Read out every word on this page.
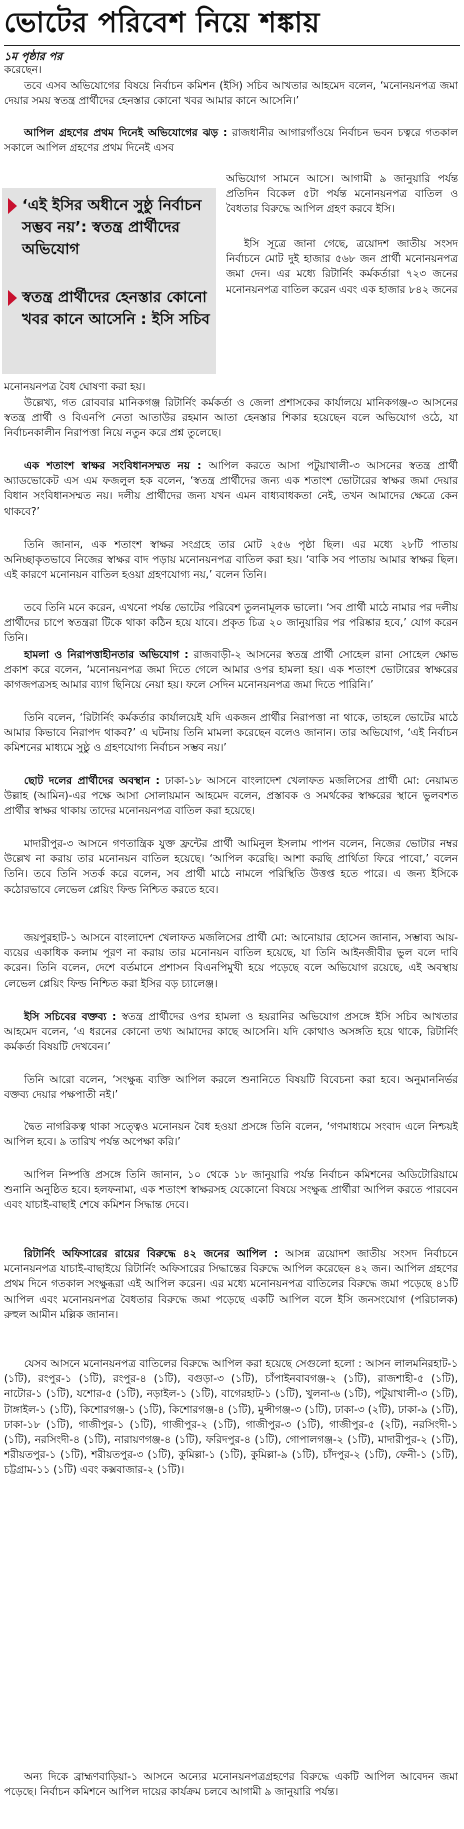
ভোটের পরিবেশ নিয়ে শঙ্কায়
১ম পৃষ্ঠার পর

করেছেন।

তবে এসব অভিযোগের বিষয়ে নির্বাচন কমিশন (ইসি) সচিব আখতার আহমেদ বলেন, ‘মনোনয়নপত্র জমা দেয়ার সময় স্বতন্ত্র প্রার্থীদের হেনস্তার কোনো খবর আমার কানে আসেনি।’

আপিল গ্রহণের প্রথম দিনেই অভিযোগের ঝড় : রাজধানীর আগারগাঁওয়ে নির্বাচন ভবন চত্বরে গতকাল সকালে আপিল গ্রহণের প্রথম দিনেই এসব

‘এই ইসির অধীনে সুষ্ঠু নির্বাচন সম্ভব নয়’: স্বতন্ত্র প্রার্থীদের অভিযোগ
স্বতন্ত্র প্রার্থীদের হেনস্তার কোনো খবর কানে আসেনি : ইসি সচিব

অভিযোগ সামনে আসে। আগামী ৯ জানুয়ারি পর্যন্ত প্রতিদিন বিকেল ৫টা পর্যন্ত মনোনয়নপত্র বাতিল ও বৈধতার বিরুদ্ধে আপিল গ্রহণ করবে ইসি।

ইসি সূত্রে জানা গেছে, ত্রয়োদশ জাতীয় সংসদ নির্বাচনে মোট দুই হাজার ৫৬৮ জন প্রার্থী মনোনয়নপত্র জমা দেন। এর মধ্যে রিটার্নিং কর্মকর্তারা ৭২৩ জনের মনোনয়নপত্র বাতিল করেন এবং এক হাজার ৮৪২ জনের

মনোনয়নপত্র বৈধ ঘোষণা করা হয়।

উল্লেখ্য, গত রোববার মানিকগঞ্জ রিটার্নিং কর্মকর্তা ও জেলা প্রশাসকের কার্যালয়ে মানিকগঞ্জ-৩ আসনের স্বতন্ত্র প্রার্থী ও বিএনপি নেতা আতাউর রহমান আতা হেনস্তার শিকার হয়েছেন বলে অভিযোগ ওঠে, যা নির্বাচনকালীন নিরাপত্তা নিয়ে নতুন করে প্রশ্ন তুলেছে।

এক শতাংশ স্বাক্ষর সংবিধানসম্মত নয় : আপিল করতে আসা পটুয়াখালী-৩ আসনের স্বতন্ত্র প্রার্থী অ্যাডভোকেট এস এম ফজলুল হক বলেন, ‘স্বতন্ত্র প্রার্থীদের জন্য এক শতাংশ ভোটারের স্বাক্ষর জমা দেয়ার বিধান সংবিধানসম্মত নয়। দলীয় প্রার্থীদের জন্য যখন এমন বাধ্যবাধকতা নেই, তখন আমাদের ক্ষেত্রে কেন থাকবে?’

তিনি জানান, এক শতাংশ স্বাক্ষর সংগ্রহে তার মোট ২৫৬ পৃষ্ঠা ছিল। এর মধ্যে ২৮টি পাতায় অনিচ্ছাকৃতভাবে নিজের স্বাক্ষর বাদ পড়ায় মনোনয়নপত্র বাতিল করা হয়। ‘বাকি সব পাতায় আমার স্বাক্ষর ছিল। এই কারণে মনোনয়ন বাতিল হওয়া গ্রহণযোগ্য নয়,’ বলেন তিনি।

তবে তিনি মনে করেন, এখনো পর্যন্ত ভোটের পরিবেশ তুলনামূলক ভালো। ‘সব প্রার্থী মাঠে নামার পর দলীয় প্রার্থীদের চাপে স্বতন্ত্ররা টিকে থাকা কঠিন হয়ে যাবে। প্রকৃত চিত্র ২০ জানুয়ারির পর পরিষ্কার হবে,’ যোগ করেন তিনি।

হামলা ও নিরাপত্তাহীনতার অভিযোগ : রাজবাড়ী-২ আসনের স্বতন্ত্র প্রার্থী সোহেল রানা সোহেল ক্ষোভ প্রকাশ করে বলেন, ‘মনোনয়নপত্র জমা দিতে গেলে আমার ওপর হামলা হয়। এক শতাংশ ভোটারের স্বাক্ষরের কাগজপত্রসহ আমার ব্যাগ ছিনিয়ে নেয়া হয়। ফলে সেদিন মনোনয়নপত্র জমা দিতে পারিনি।’

তিনি বলেন, ‘রিটার্নিং কর্মকর্তার কার্যালয়েই যদি একজন প্রার্থীর নিরাপত্তা না থাকে, তাহলে ভোটের মাঠে আমার কিভাবে নিরাপদ থাকব?’ এ ঘটনায় তিনি মামলা করেছেন বলেও জানান। তার অভিযোগ, ‘এই নির্বাচন কমিশনের মাধ্যমে সুষ্ঠু ও গ্রহণযোগ্য নির্বাচন সম্ভব নয়।’

ছোট দলের প্রার্থীদের অবস্থান : ঢাকা-১৮ আসনে বাংলাদেশ খেলাফত মজলিসের প্রার্থী মো: নেয়ামত উল্লাহ (আমিন)-এর পক্ষে আসা সোলায়মান আহমেদ বলেন, প্রস্তাবক ও সমর্থকের স্বাক্ষরের স্থানে ভুলবশত প্রার্থীর স্বাক্ষর থাকায় তাদের মনোনয়নপত্র বাতিল করা হয়েছে।

মাদারীপুর-৩ আসনে গণতান্ত্রিক যুক্ত ফ্রন্টের প্রার্থী আমিনুল ইসলাম পাপন বলেন, নিজের ভোটার নম্বর উল্লেখ না করায় তার মনোনয়ন বাতিল হয়েছে। ‘আপিল করেছি। আশা করছি প্রার্থিতা ফিরে পাবো,’ বলেন তিনি। তবে তিনি সতর্ক করে বলেন, সব প্রার্থী মাঠে নামলে পরিস্থিতি উত্তপ্ত হতে পারে। এ জন্য ইসিকে কঠোরভাবে লেভেল প্লেয়িং ফিল্ড নিশ্চিত করতে হবে।

জয়পুরহাট-১ আসনে বাংলাদেশ খেলাফত মজলিসের প্রার্থী মো: আনোয়ার হোসেন জানান, সম্ভাব্য আয়-ব্যয়ের একাধিক কলাম পূরণ না করায় তার মনোনয়ন বাতিল হয়েছে, যা তিনি আইনজীবীর ভুল বলে দাবি করেন। তিনি বলেন, দেশে বর্তমানে প্রশাসন বিএনপিমুখী হয়ে পড়েছে বলে অভিযোগ রয়েছে, এই অবস্থায় লেভেল প্লেয়িং ফিল্ড নিশ্চিত করা ইসির বড় চ্যালেঞ্জ।

ইসি সচিবের বক্তব্য : স্বতন্ত্র প্রার্থীদের ওপর হামলা ও হয়রানির অভিযোগ প্রসঙ্গে ইসি সচিব আখতার আহমেদ বলেন, ‘এ ধরনের কোনো তথ্য আমাদের কাছে আসেনি। যদি কোথাও অসঙ্গতি হয়ে থাকে, রিটার্নিং কর্মকর্তা বিষয়টি দেখবেন।’

তিনি আরো বলেন, ‘সংক্ষুব্ধ ব্যক্তি আপিল করলে শুনানিতে বিষয়টি বিবেচনা করা হবে। অনুমাননির্ভর বক্তব্য দেয়ার পক্ষপাতী নই।’

দ্বৈত নাগরিকত্ব থাকা সত্ত্বেও মনোনয়ন বৈধ হওয়া প্রসঙ্গে তিনি বলেন, ‘গণমাধ্যমে সংবাদ এলে নিশ্চয়ই আপিল হবে। ৯ তারিখ পর্যন্ত অপেক্ষা করি।’

আপিল নিষ্পত্তি প্রসঙ্গে তিনি জানান, ১০ থেকে ১৮ জানুয়ারি পর্যন্ত নির্বাচন কমিশনের অডিটোরিয়ামে শুনানি অনুষ্ঠিত হবে। হলফনামা, এক শতাংশ স্বাক্ষরসহ যেকোনো বিষয়ে সংক্ষুব্ধ প্রার্থীরা আপিল করতে পারবেন এবং যাচাই-বাছাই শেষে কমিশন সিদ্ধান্ত দেবে।

রিটার্নিং অফিসারের রায়ের বিরুদ্ধে ৪২ জনের আপিল : আসন্ন ত্রয়োদশ জাতীয় সংসদ নির্বাচনে মনোনয়নপত্র যাচাই-বাছাইয়ে রিটার্নিং অফিসারের সিদ্ধান্তের বিরুদ্ধে আপিল করেছেন ৪২ জন। আপিল গ্রহণের প্রথম দিনে গতকাল সংক্ষুব্ধরা এই আপিল করেন। এর মধ্যে মনোনয়নপত্র বাতিলের বিরুদ্ধে জমা পড়েছে ৪১টি আপিল এবং মনোনয়নপত্র বৈধতার বিরুদ্ধে জমা পড়েছে একটি আপিল বলে ইসি জনসংযোগ (পরিচালক) রুহুল আমীন মল্লিক জানান।

যেসব আসনে মনোনয়নপত্র বাতিলের বিরুদ্ধে আপিল করা হয়েছে সেগুলো হলো : আসন লালমনিরহাট-১ (১টি), রংপুর-১ (১টি), রংপুর-৪ (১টি), বগুড়া-৩ (১টি), চাঁপাইনবাবগঞ্জ-২ (১টি), রাজশাহী-৫ (১টি), নাটোর-১ (১টি), যশোর-৫ (১টি), নড়াইল-১ (১টি), বাগেরহাট-১ (১টি), খুলনা-৬ (১টি), পটুয়াখালী-৩ (১টি), টাঙ্গাইল-১ (১টি), কিশোরগঞ্জ-১ (১টি), কিশোরগঞ্জ-৪ (১টি), মুন্সীগঞ্জ-৩ (১টি), ঢাকা-৩ (২টি), ঢাকা-৯ (১টি), ঢাকা-১৮ (১টি), গাজীপুর-১ (১টি), গাজীপুর-২ (১টি), গাজীপুর-৩ (১টি), গাজীপুর-৫ (২টি), নরসিংদী-১ (১টি), নরসিংদী-৪ (১টি), নারায়ণগঞ্জ-৪ (১টি), ফরিদপুর-৪ (১টি), গোপালগঞ্জ-২ (১টি), মাদারীপুর-২ (১টি), শরীয়তপুর-১ (১টি), শরীয়তপুর-৩ (১টি), কুমিল্লা-১ (১টি), কুমিল্লা-৯ (১টি), চাঁদপুর-২ (১টি), ফেনী-১ (১টি), চট্টগ্রাম-১১ (১টি) এবং কক্সবাজার-২ (১টি)।

অন্য দিকে ব্রাহ্মণবাড়িয়া-১ আসনে অন্যের মনোনয়নপত্রগ্রহণের বিরুদ্ধে একটি আপিল আবেদন জমা পড়েছে। নির্বাচন কমিশনে আপিল দায়ের কার্যক্রম চলবে আগামী ৯ জানুয়ারি পর্যন্ত।
